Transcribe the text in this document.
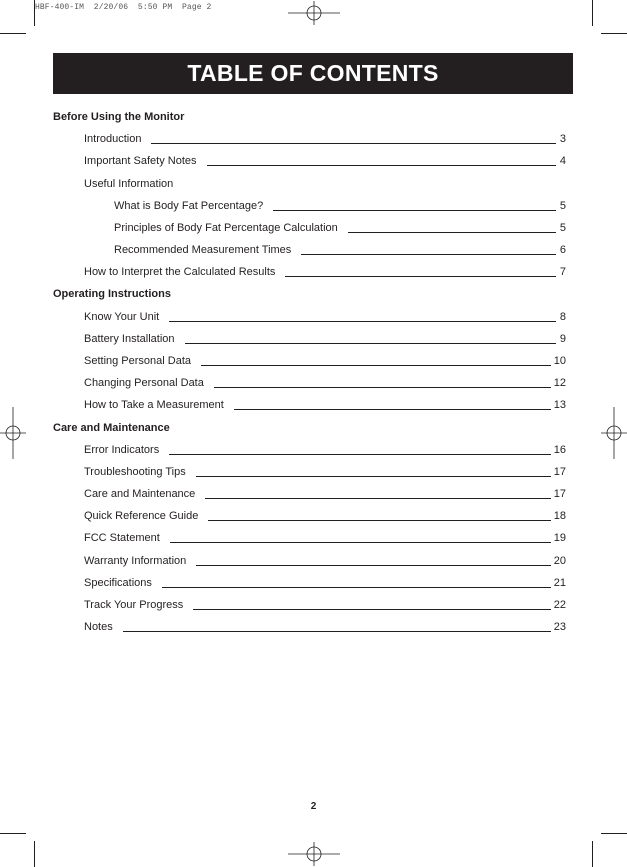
HBF-400-IM  2/20/06  5:50 PM  Page 2
TABLE OF CONTENTS
Before Using the Monitor
Introduction	3
Important Safety Notes	4
Useful Information
What is Body Fat Percentage?	5
Principles of Body Fat Percentage Calculation	5
Recommended Measurement Times	6
How to Interpret the Calculated Results	7
Operating Instructions
Know Your Unit	8
Battery Installation	9
Setting Personal Data	10
Changing Personal Data	12
How to Take a Measurement	13
Care and Maintenance
Error Indicators	16
Troubleshooting Tips	17
Care and Maintenance	17
Quick Reference Guide	18
FCC Statement	19
Warranty Information	20
Specifications	21
Track Your Progress	22
Notes	23
2
